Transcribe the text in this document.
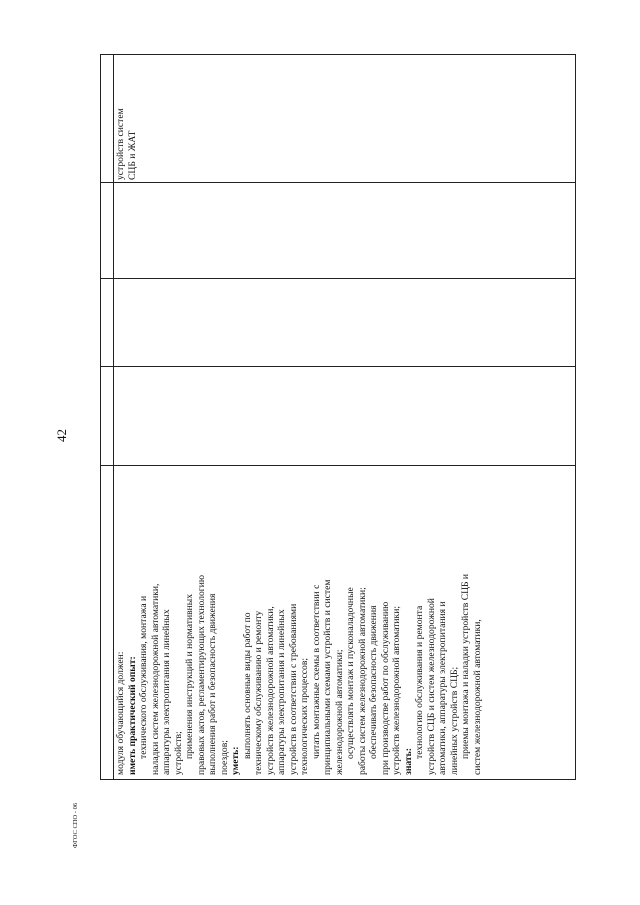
42

модуля обучающийся должен: иметь практический опыт: технического обслуживания, монтажа и наладки систем железнодорожной автоматики, аппаратуры электропитания и линейных устройств; применения инструкций и нормативных правовых актов, регламентирующих технологию выполнения работ и безопасность движения поездов; уметь:

выполнять основные виды работ по техническому обслуживанию и ремонту устройств железнодорожной автоматики, аппаратуры электропитания и линейных устройств в соответствии с требованиями технологических процессов; читать монтажные схемы в соответствии с принципиальными схемами устройств и систем железнодорожной автоматики; осуществлять монтаж и пусконаладочные работы систем железнодорожной автоматики; обеспечивать безопасность движения при производстве работ по обслуживанию устройств железнодорожной автоматики; знать:

технологию обслуживания и ремонта устройств СЦБ и систем железнодорожной автоматики, аппаратуры электропитания и линейных устройств СЦБ; приемы монтажа и наладки устройств СЦБ и систем железнодорожной автоматики,

устройств систем СЦБ и ЖАТ
ФГОС СПО - 06
